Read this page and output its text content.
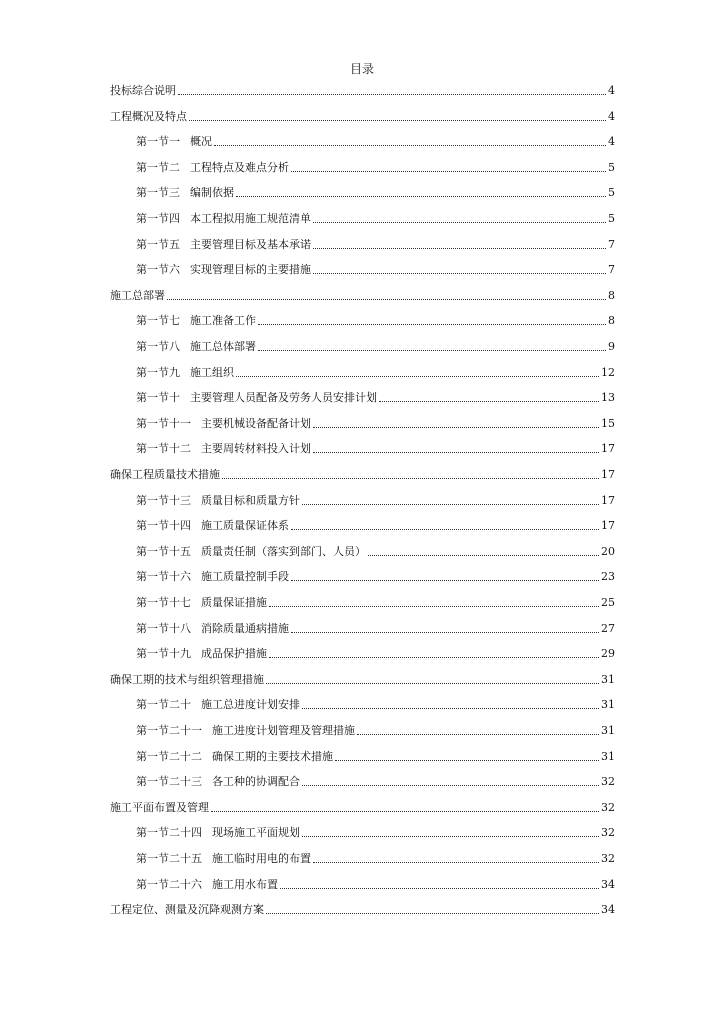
目录
投标综合说明	4
工程概况及特点	4
第一节一 概况	4
第一节二 工程特点及难点分析	5
第一节三 编制依据	5
第一节四 本工程拟用施工规范清单	5
第一节五 主要管理目标及基本承诺	7
第一节六 实现管理目标的主要措施	7
施工总部署	8
第一节七 施工准备工作	8
第一节八 施工总体部署	9
第一节九 施工组织	12
第一节十 主要管理人员配备及劳务人员安排计划	13
第一节十一 主要机械设备配备计划	15
第一节十二 主要周转材料投入计划	17
确保工程质量技术措施	17
第一节十三 质量目标和质量方针	17
第一节十四 施工质量保证体系	17
第一节十五 质量责任制（落实到部门、人员）	20
第一节十六 施工质量控制手段	23
第一节十七 质量保证措施	25
第一节十八 消除质量通病措施	27
第一节十九 成品保护措施	29
确保工期的技术与组织管理措施	31
第一节二十 施工总进度计划安排	31
第一节二十一 施工进度计划管理及管理措施	31
第一节二十二 确保工期的主要技术措施	31
第一节二十三 各工种的协调配合	32
施工平面布置及管理	32
第一节二十四 现场施工平面规划	32
第一节二十五 施工临时用电的布置	32
第一节二十六 施工用水布置	34
工程定位、测量及沉降观测方案	34
